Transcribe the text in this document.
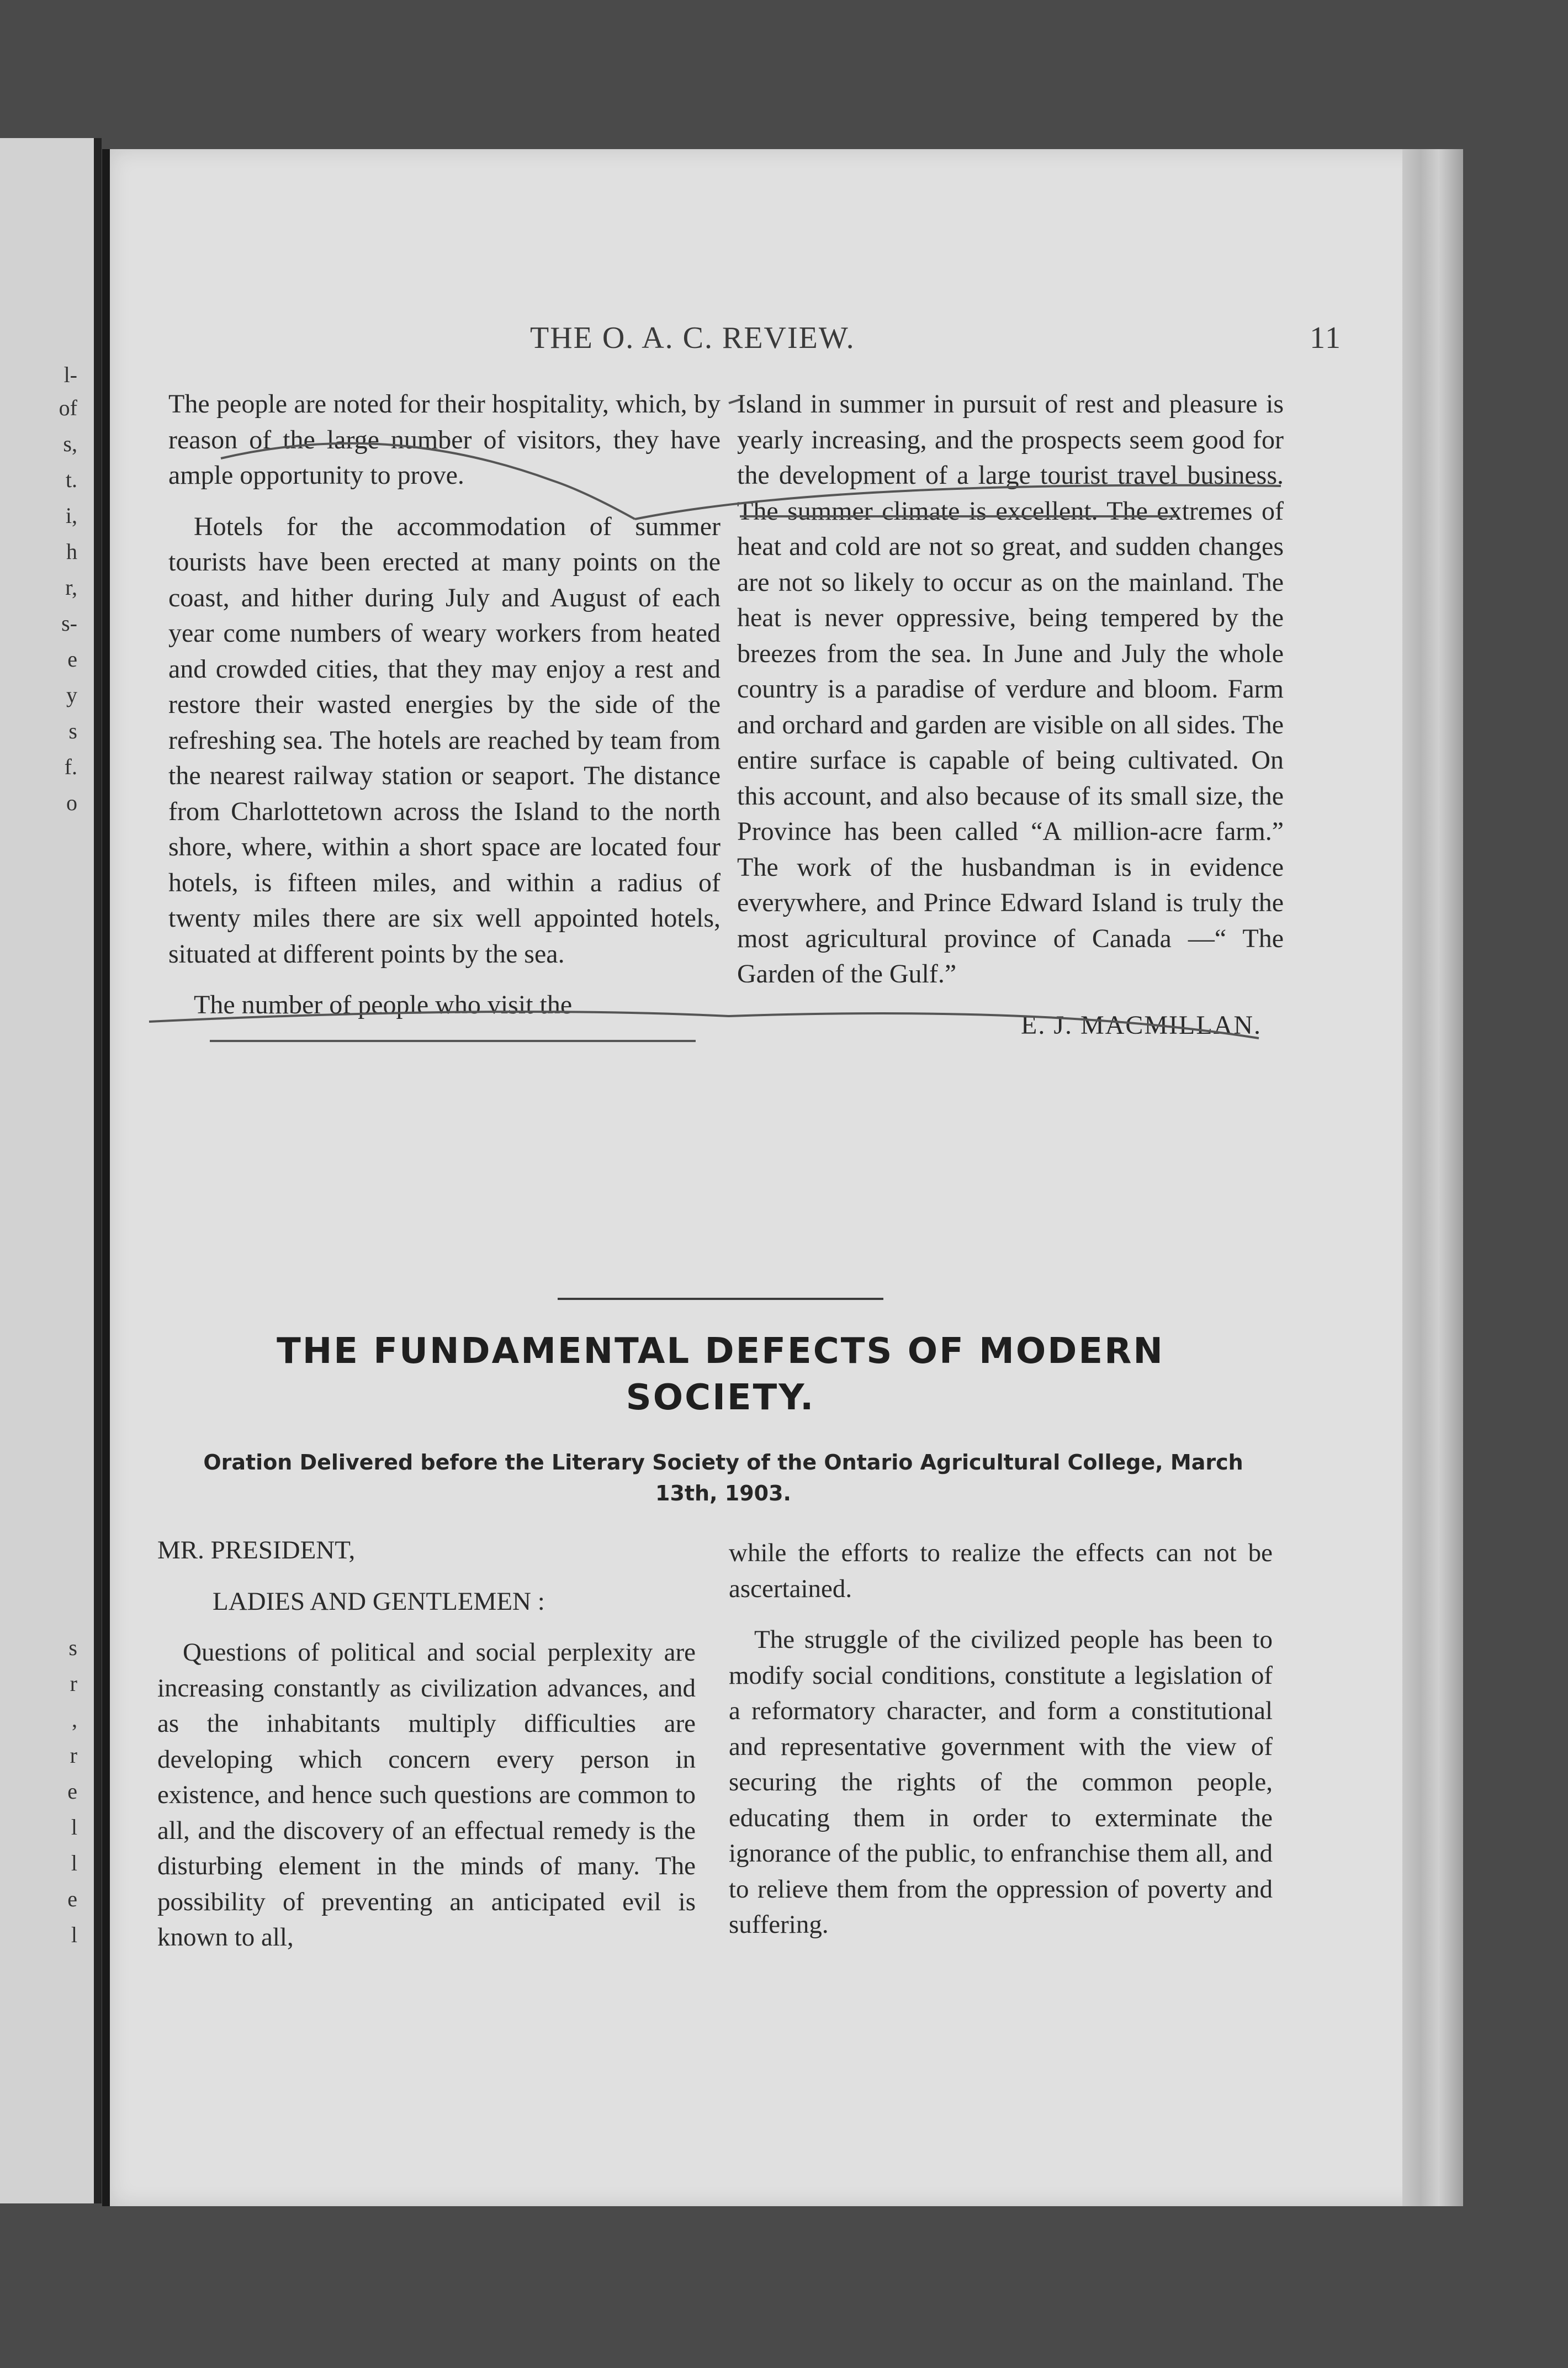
l-
of
s,
t.
i,
h
r,
s-
e
y
s
f.
o
s
r
,
r
e
l
l
e
l
THE O. A. C. REVIEW.	11

The people are noted for their hospitality, which, by reason of the large number of visitors, they have ample opportunity to prove.

Hotels for the accommodation of summer tourists have been erected at many points on the coast, and hither during July and August of each year come numbers of weary workers from heated and crowded cities, that they may enjoy a rest and restore their wasted energies by the side of the refreshing sea. The hotels are reached by team from the nearest railway station or seaport. The distance from Charlottetown across the Island to the north shore, where, within a short space are located four hotels, is fifteen miles, and within a radius of twenty miles there are six well appointed hotels, situated at different points by the sea.

The number of people who visit the

Island in summer in pursuit of rest and pleasure is yearly increasing, and the prospects seem good for the development of a large tourist travel business. The summer climate is excellent. The extremes of heat and cold are not so great, and sudden changes are not so likely to occur as on the mainland. The heat is never oppressive, being tempered by the breezes from the sea. In June and July the whole country is a paradise of verdure and bloom. Farm and orchard and garden are visible on all sides. The entire surface is capable of being cultivated. On this account, and also because of its small size, the Province has been called “A million-acre farm.” The work of the husbandman is in evidence everywhere, and Prince Edward Island is truly the most agricultural province of Canada —“ The Garden of the Gulf.”

E. J. MACMILLAN.
THE FUNDAMENTAL DEFECTS OF MODERN SOCIETY.
Oration Delivered before the Literary Society of the Ontario Agricultural College, March 13th, 1903.

MR. PRESIDENT,

LADIES AND GENTLEMEN :

Questions of political and social perplexity are increasing constantly as civilization advances, and as the inhabitants multiply difficulties are developing which concern every person in existence, and hence such questions are common to all, and the discovery of an effectual remedy is the disturbing element in the minds of many. The possibility of preventing an anticipated evil is known to all,

while the efforts to realize the effects can not be ascertained.

The struggle of the civilized people has been to modify social conditions, constitute a legislation of a reformatory character, and form a constitutional and representative government with the view of securing the rights of the common people, educating them in order to exterminate the ignorance of the public, to enfranchise them all, and to relieve them from the oppression of poverty and suffering.
